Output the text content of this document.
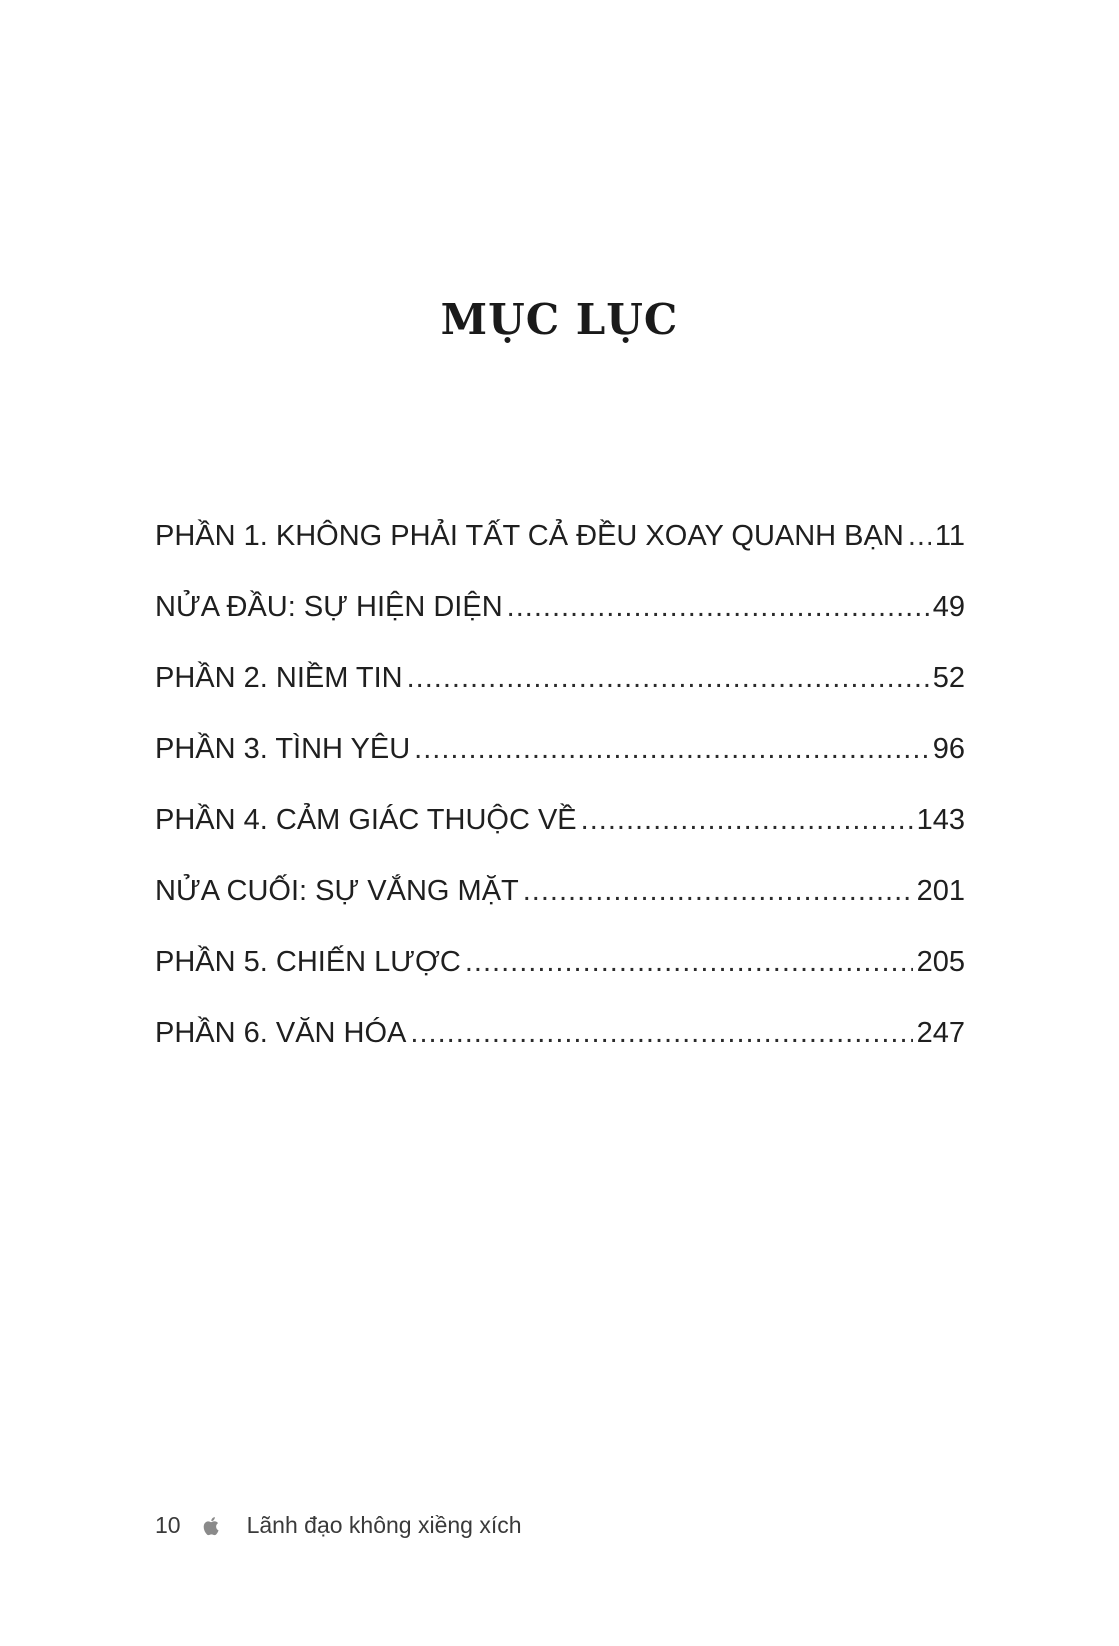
MỤC LỤC
PHẦN 1. KHÔNG PHẢI TẤT CẢ ĐỀU XOAY QUANH BẠN ..... 11
NỬA ĐẦU: SỰ HIỆN DIỆN .....	49
PHẦN 2. NIỀM TIN .....	52
PHẦN 3. TÌNH YÊU .....	96
PHẦN 4. CẢM GIÁC THUỘC VỀ .....	143
NỬA CUỐI: SỰ VẮNG MẶT .....	201
PHẦN 5. CHIẾN LƯỢC .....	205
PHẦN 6. VĂN HÓA .....	247
10	Lãnh đạo không xiềng xích
